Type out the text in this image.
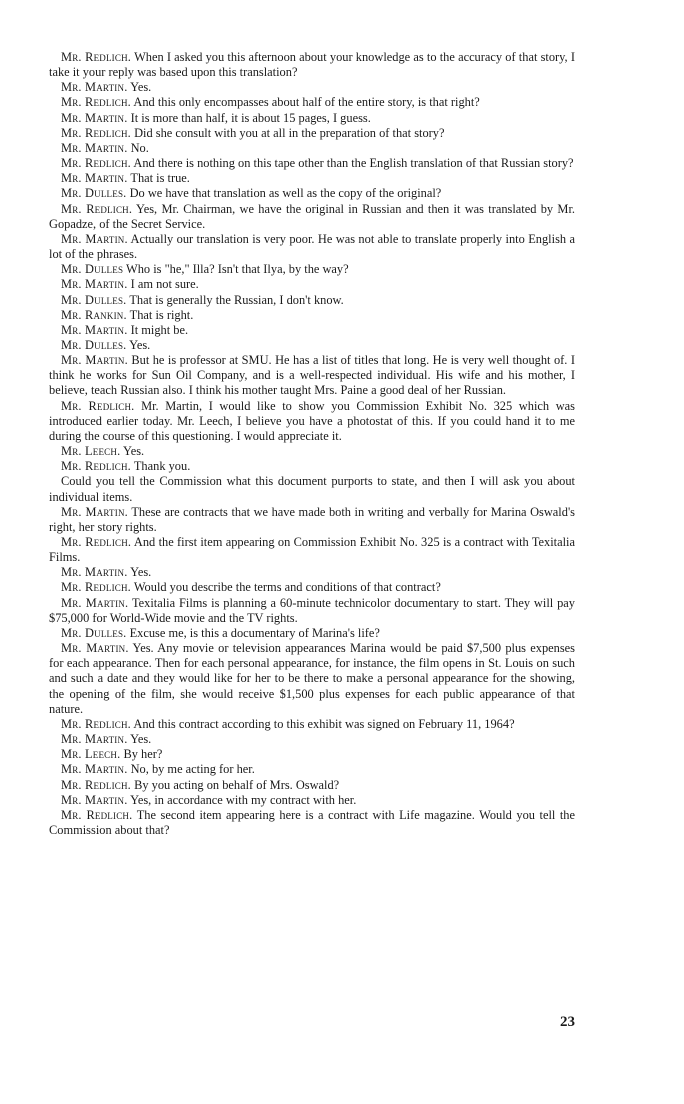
Mr. Redlich. When I asked you this afternoon about your knowledge as to the accuracy of that story, I take it your reply was based upon this translation?

Mr. Martin. Yes.

Mr. Redlich. And this only encompasses about half of the entire story, is that right?

Mr. Martin. It is more than half, it is about 15 pages, I guess.

Mr. Redlich. Did she consult with you at all in the preparation of that story?

Mr. Martin. No.

Mr. Redlich. And there is nothing on this tape other than the English translation of that Russian story?

Mr. Martin. That is true.

Mr. Dulles. Do we have that translation as well as the copy of the original?

Mr. Redlich. Yes, Mr. Chairman, we have the original in Russian and then it was translated by Mr. Gopadze, of the Secret Service.

Mr. Martin. Actually our translation is very poor. He was not able to translate properly into English a lot of the phrases.

Mr. Dulles Who is "he," Illa? Isn't that Ilya, by the way?

Mr. Martin. I am not sure.

Mr. Dulles. That is generally the Russian, I don't know.

Mr. Rankin. That is right.

Mr. Martin. It might be.

Mr. Dulles. Yes.

Mr. Martin. But he is professor at SMU. He has a list of titles that long. He is very well thought of. I think he works for Sun Oil Company, and is a well-respected individual. His wife and his mother, I believe, teach Russian also. I think his mother taught Mrs. Paine a good deal of her Russian.

Mr. Redlich. Mr. Martin, I would like to show you Commission Exhibit No. 325 which was introduced earlier today. Mr. Leech, I believe you have a photostat of this. If you could hand it to me during the course of this questioning. I would appreciate it.

Mr. Leech. Yes.

Mr. Redlich. Thank you.

Could you tell the Commission what this document purports to state, and then I will ask you about individual items.

Mr. Martin. These are contracts that we have made both in writing and verbally for Marina Oswald's right, her story rights.

Mr. Redlich. And the first item appearing on Commission Exhibit No. 325 is a contract with Texitalia Films.

Mr. Martin. Yes.

Mr. Redlich. Would you describe the terms and conditions of that contract?

Mr. Martin. Texitalia Films is planning a 60-minute technicolor documentary to start. They will pay $75,000 for World-Wide movie and the TV rights.

Mr. Dulles. Excuse me, is this a documentary of Marina's life?

Mr. Martin. Yes. Any movie or television appearances Marina would be paid $7,500 plus expenses for each appearance. Then for each personal appearance, for instance, the film opens in St. Louis on such and such a date and they would like for her to be there to make a personal appearance for the showing, the opening of the film, she would receive $1,500 plus expenses for each public appearance of that nature.

Mr. Redlich. And this contract according to this exhibit was signed on February 11, 1964?

Mr. Martin. Yes.

Mr. Leech. By her?

Mr. Martin. No, by me acting for her.

Mr. Redlich. By you acting on behalf of Mrs. Oswald?

Mr. Martin. Yes, in accordance with my contract with her.

Mr. Redlich. The second item appearing here is a contract with Life magazine. Would you tell the Commission about that?

23
